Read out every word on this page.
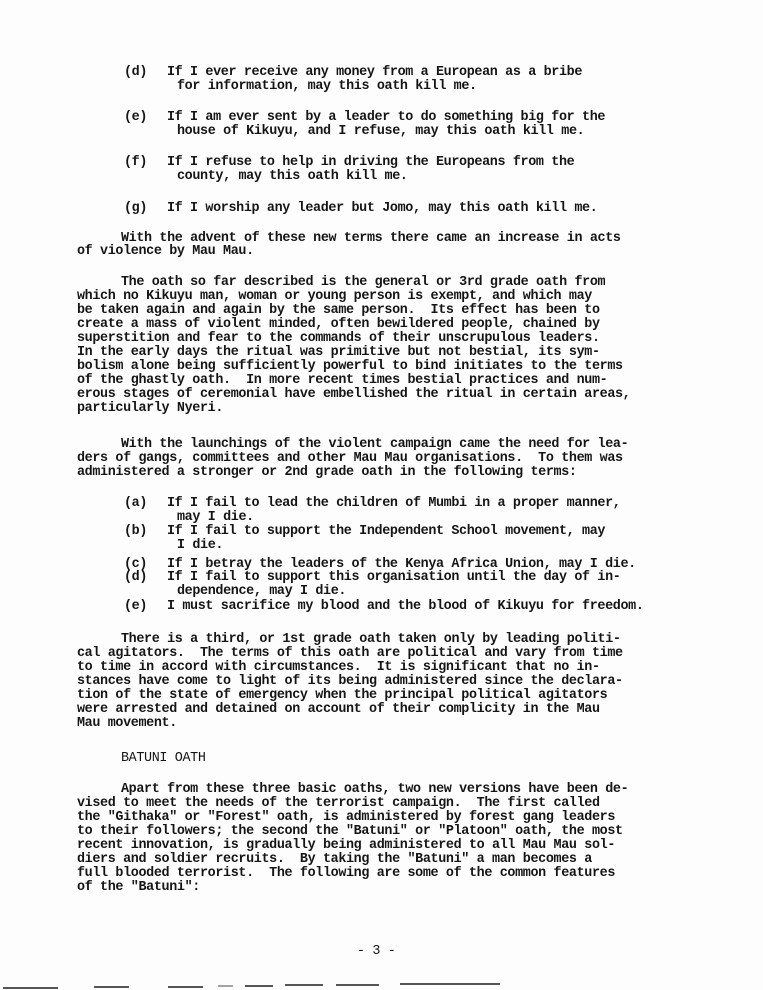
(d) If I ever receive any money from a European as a bribe
for information, may this oath kill me.
(e) If I am ever sent by a leader to do something big for the
house of Kikuyu, and I refuse, may this oath kill me.
(f) If I refuse to help in driving the Europeans from the
county, may this oath kill me.
(g) If I worship any leader but Jomo, may this oath kill me.
With the advent of these new terms there came an increase in acts
of violence by Mau Mau.
The oath so far described is the general or 3rd grade oath from
which no Kikuyu man, woman or young person is exempt, and which may
be taken again and again by the same person.  Its effect has been to
create a mass of violent minded, often bewildered people, chained by
superstition and fear to the commands of their unscrupulous leaders.
In the early days the ritual was primitive but not bestial, its sym-
bolism alone being sufficiently powerful to bind initiates to the terms
of the ghastly oath.  In more recent times bestial practices and num-
erous stages of ceremonial have embellished the ritual in certain areas,
particularly Nyeri.
With the launchings of the violent campaign came the need for lea-
ders of gangs, committees and other Mau Mau organisations.  To them was
administered a stronger or 2nd grade oath in the following terms:
(a) If I fail to lead the children of Mumbi in a proper manner,
may I die.
(b) If I fail to support the Independent School movement, may
I die.
(c) If I betray the leaders of the Kenya Africa Union, may I die.
(d) If I fail to support this organisation until the day of in-
dependence, may I die.
(e) I must sacrifice my blood and the blood of Kikuyu for freedom.
There is a third, or 1st grade oath taken only by leading politi-
cal agitators.  The terms of this oath are political and vary from time
to time in accord with circumstances.  It is significant that no in-
stances have come to light of its being administered since the declara-
tion of the state of emergency when the principal political agitators
were arrested and detained on account of their complicity in the Mau
Mau movement.
BATUNI OATH
Apart from these three basic oaths, two new versions have been de-
vised to meet the needs of the terrorist campaign.  The first called
the "Githaka" or "Forest" oath, is administered by forest gang leaders
to their followers; the second the "Batuni" or "Platoon" oath, the most
recent innovation, is gradually being administered to all Mau Mau sol-
diers and soldier recruits.  By taking the "Batuni" a man becomes a
full blooded terrorist.  The following are some of the common features
of the "Batuni":
- 3 -
